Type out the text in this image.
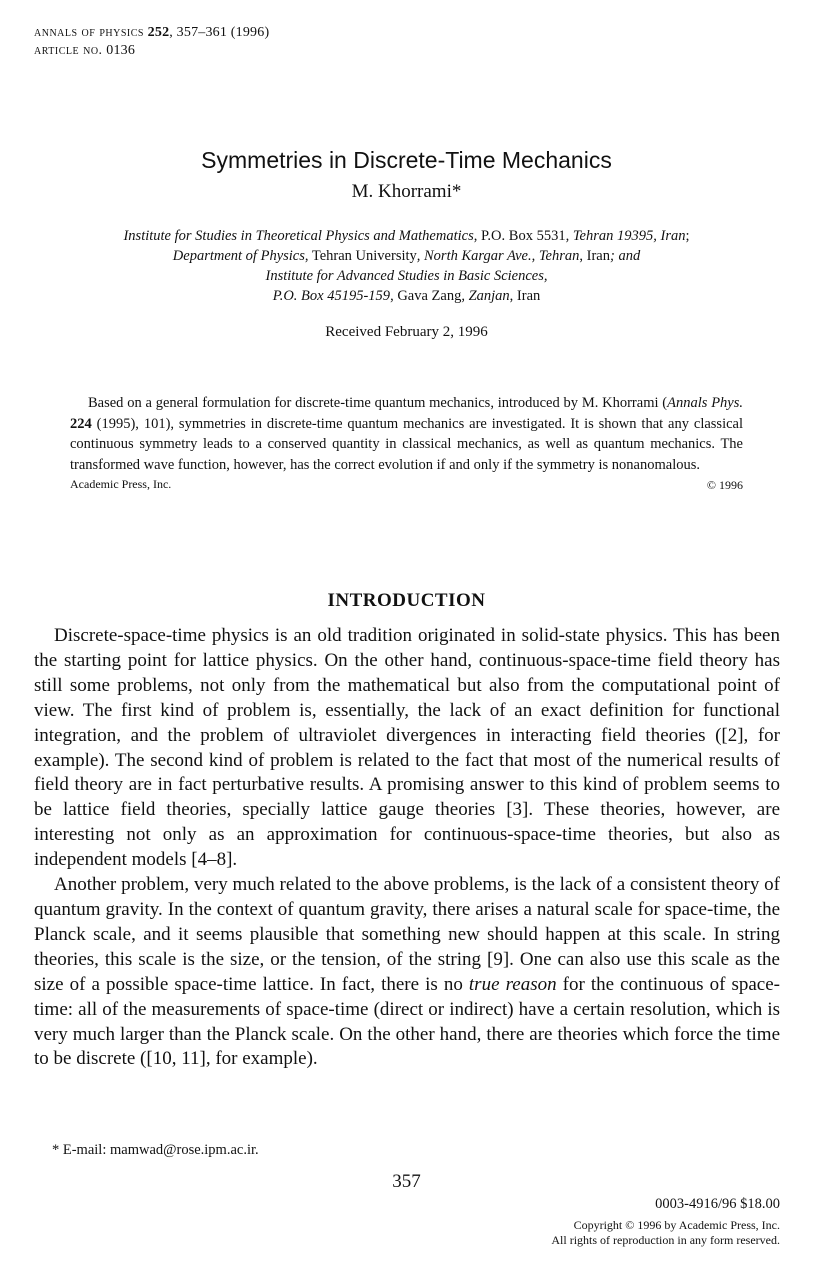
annals of physics 252, 357–361 (1996)
article no. 0136
Symmetries in Discrete-Time Mechanics
M. Khorrami*
Institute for Studies in Theoretical Physics and Mathematics, P.O. Box 5531, Tehran 19395, Iran;
Department of Physics, Tehran University, North Kargar Ave., Tehran, Iran; and
Institute for Advanced Studies in Basic Sciences,
P.O. Box 45195-159, Gava Zang, Zanjan, Iran
Received February 2, 1996
Based on a general formulation for discrete-time quantum mechanics, introduced by M. Khorrami (Annals Phys. 224 (1995), 101), symmetries in discrete-time quantum mechanics are investigated. It is shown that any classical continuous symmetry leads to a conserved quantity in classical mechanics, as well as quantum mechanics. The transformed wave function, however, has the correct evolution if and only if the symmetry is nonanomalous.
© 1996
Academic Press, Inc.
INTRODUCTION

Discrete-space-time physics is an old tradition originated in solid-state physics. This has been the starting point for lattice physics. On the other hand, continuous-space-time field theory has still some problems, not only from the mathematical but also from the computational point of view. The first kind of problem is, essentially, the lack of an exact definition for functional integration, and the problem of ultraviolet divergences in interacting field theories ([2], for example). The second kind of problem is related to the fact that most of the numerical results of field theory are in fact perturbative results. A promising answer to this kind of problem seems to be lattice field theories, specially lattice gauge theories [3]. These theories, however, are interesting not only as an approximation for continuous-space-time theories, but also as independent models [4–8].

Another problem, very much related to the above problems, is the lack of a consistent theory of quantum gravity. In the context of quantum gravity, there arises a natural scale for space-time, the Planck scale, and it seems plausible that something new should happen at this scale. In string theories, this scale is the size, or the tension, of the string [9]. One can also use this scale as the size of a possible space-time lattice. In fact, there is no true reason for the continuous of space-time: all of the measurements of space-time (direct or indirect) have a certain resolution, which is very much larger than the Planck scale. On the other hand, there are theories which force the time to be discrete ([10, 11], for example).

* E-mail: mamwad@rose.ipm.ac.ir.
357
0003-4916/96 $18.00
Copyright © 1996 by Academic Press, Inc.
All rights of reproduction in any form reserved.
